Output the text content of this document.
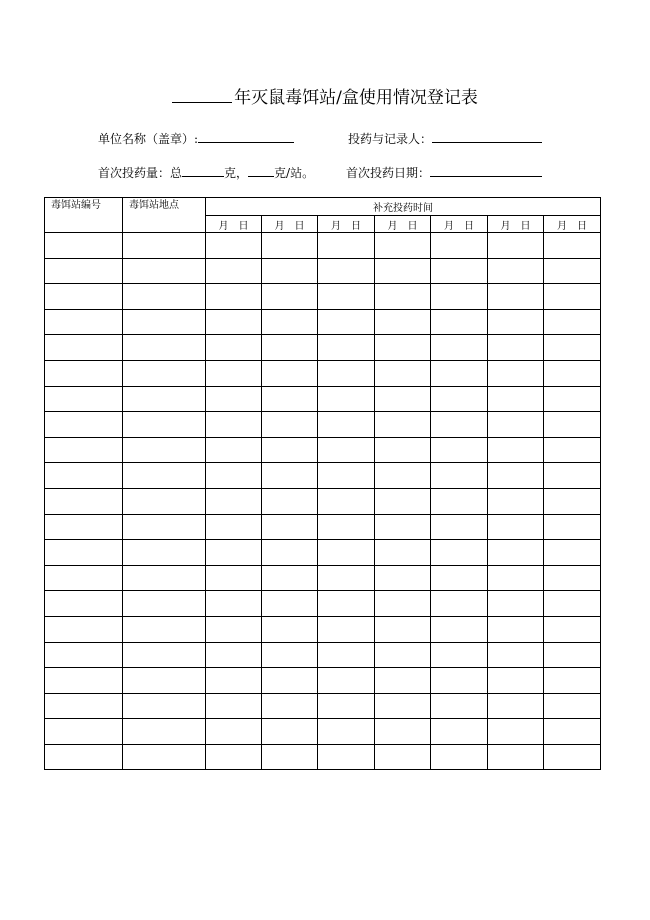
年灭鼠毒饵站/盒使用情况登记表
单位名称（盖章）:	投药与记录人：
首次投药量：总	克， 克/站。	首次投药日期：
毒饵站编号	毒饵站地点	补充投药时间						
		月 日	月 日	月 日	月 日	月 日	月 日	月 日
